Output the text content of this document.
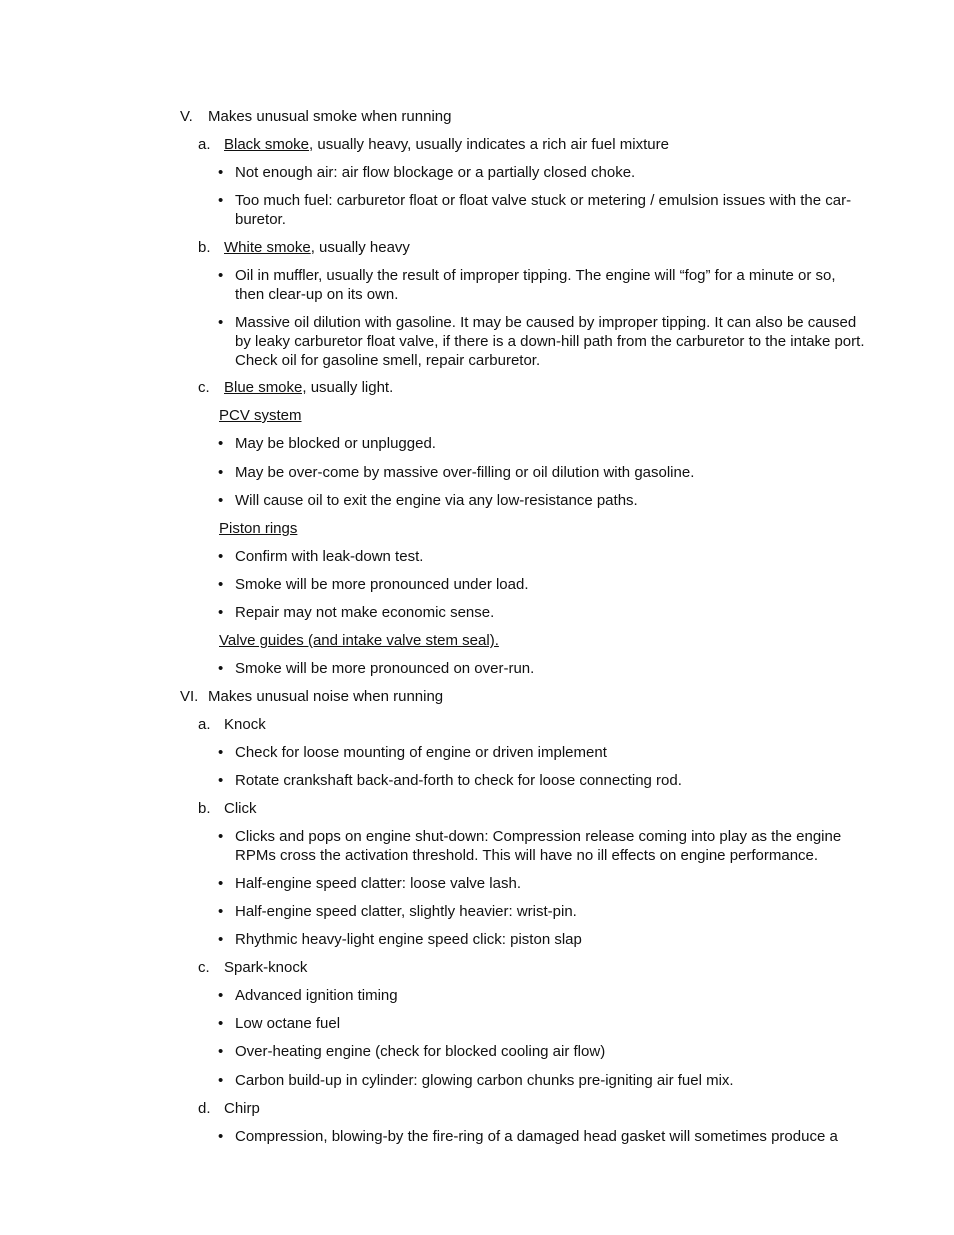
V. Makes unusual smoke when running
a. Black smoke, usually heavy, usually indicates a rich air fuel mixture
• Not enough air: air flow blockage or a partially closed choke.
• Too much fuel: carburetor float or float valve stuck or metering / emulsion issues with the car-
buretor.
b. White smoke, usually heavy
• Oil in muffler, usually the result of improper tipping. The engine will “fog” for a minute or so,
then clear-up on its own.
• Massive oil dilution with gasoline. It may be caused by improper tipping. It can also be caused
by leaky carburetor float valve, if there is a down-hill path from the carburetor to the intake port.
Check oil for gasoline smell, repair carburetor.
c. Blue smoke, usually light.
PCV system
• May be blocked or unplugged.
• May be over-come by massive over-filling or oil dilution with gasoline.
• Will cause oil to exit the engine via any low-resistance paths.
Piston rings
• Confirm with leak-down test.
• Smoke will be more pronounced under load.
• Repair may not make economic sense.
Valve guides (and intake valve stem seal).
• Smoke will be more pronounced on over-run.
VI. Makes unusual noise when running
a. Knock
• Check for loose mounting of engine or driven implement
• Rotate crankshaft back-and-forth to check for loose connecting rod.
b. Click
• Clicks and pops on engine shut-down: Compression release coming into play as the engine
RPMs cross the activation threshold. This will have no ill effects on engine performance.
• Half-engine speed clatter: loose valve lash.
• Half-engine speed clatter, slightly heavier: wrist-pin.
• Rhythmic heavy-light engine speed click: piston slap
c. Spark-knock
• Advanced ignition timing
• Low octane fuel
• Over-heating engine (check for blocked cooling air flow)
• Carbon build-up in cylinder: glowing carbon chunks pre-igniting air fuel mix.
d. Chirp
• Compression, blowing-by the fire-ring of a damaged head gasket will sometimes produce a
